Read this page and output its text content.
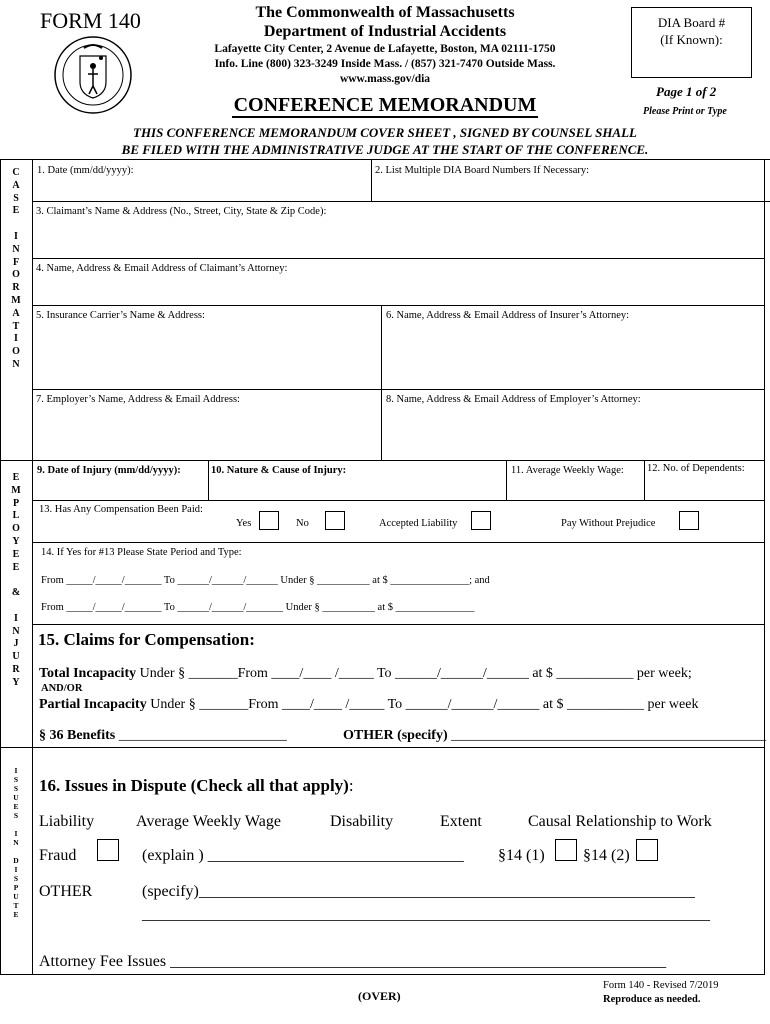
FORM 140	The Commonwealth of Massachusetts
Department of Industrial Accidents
Lafayette City Center, 2 Avenue de Lafayette, Boston, MA 02111-1750
Info. Line (800) 323-3249 Inside Mass. / (857) 321-7470 Outside Mass.
www.mass.gov/dia
CONFERENCE MEMORANDUM
DIA Board #
(If Known):
Page 1 of 2
Please Print or Type
THIS CONFERENCE MEMORANDUM COVER SHEET , SIGNED BY COUNSEL SHALL
BE FILED WITH THE ADMINISTRATIVE JUDGE AT THE START OF THE CONFERENCE.
C
A
S
E

I
N
F
O
R
M
A
T
I
O
N
E
M
P
L
O
Y
E
E

&

I
N
J
U
R
Y
I
S
S
U
E
S

I
N

D
I
S
P
U
T
E
1. Date (mm/dd/yyyy):	2. List Multiple DIA Board Numbers If Necessary:
3. Claimant’s Name & Address (No., Street, City, State & Zip Code):
4. Name, Address & Email Address of Claimant’s Attorney:
5. Insurance Carrier’s Name & Address:	6. Name, Address & Email Address of Insurer’s Attorney:
7. Employer’s Name, Address & Email Address:	8. Name, Address & Email Address of Employer’s Attorney:
9. Date of Injury (mm/dd/yyyy):	10. Nature & Cause of Injury:	11. Average Weekly Wage: 12. No. of Dependents:
13. Has Any Compensation Been Paid:
Yes	No	Accepted Liability	Pay Without Prejudice
14. If Yes for #13 Please State Period and Type:
From _____/_____/_______ To ______/______/______ Under § __________ at $ _______________; and
From _____/_____/_______ To ______/______/_______ Under § __________ at $ _______________
15. Claims for Compensation:
Total Incapacity Under § _______From ____/____ /_____ To ______/______/______ at $ ___________ per week;
AND/OR
Partial Incapacity Under § _______From ____/____ /_____ To ______/______/______ at $ ___________ per week
§ 36 Benefits ________________________	OTHER (specify) _____________________________________________
16. Issues in Dispute (Check all that apply):
Liability	Average Weekly Wage	Disability	Extent	Causal Relationship to Work
Fraud	(explain ) ________________________________ §14 (1) §14 (2)
OTHER	(specify)______________________________________________________________
_______________________________________________________________________
Attorney Fee Issues ______________________________________________________________
Form 140 - Revised 7/2019
Reproduce as needed.
(OVER)
